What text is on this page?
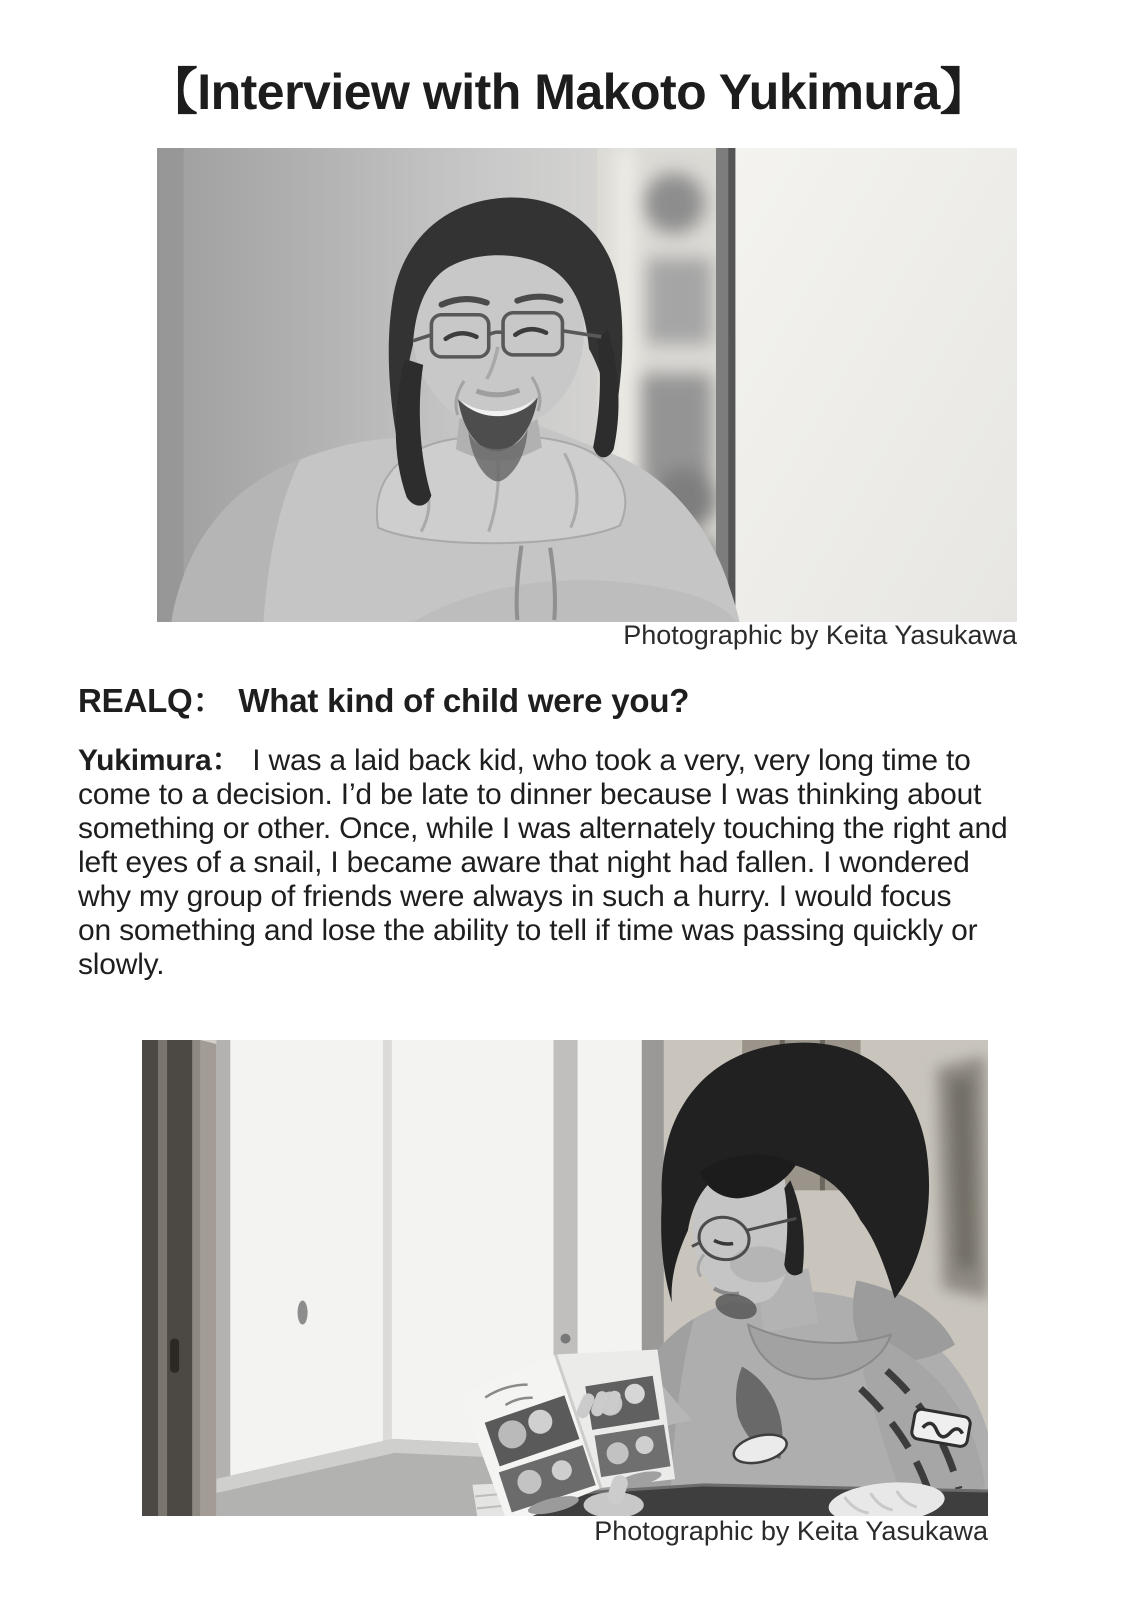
【Interview with Makoto Yukimura】
Photographic by Keita Yasukawa

REALQ： What kind of child were you?

Yukimura： I was a laid back kid, who took a very, very long time to
come to a decision. I’d be late to dinner because I was thinking about
something or other. Once, while I was alternately touching the right and
left eyes of a snail, I became aware that night had fallen. I wondered
why my group of friends were always in such a hurry. I would focus
on something and lose the ability to tell if time was passing quickly or
slowly.
Photographic by Keita Yasukawa
